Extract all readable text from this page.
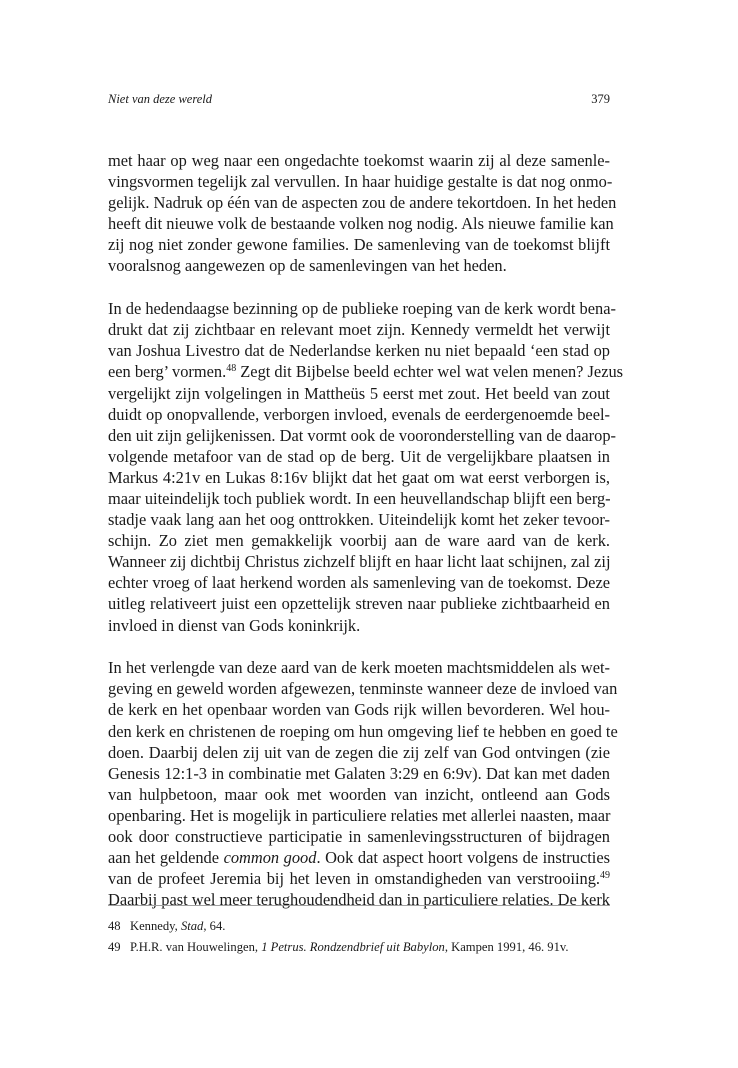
Niet van deze wereld	379
met haar op weg naar een ongedachte toekomst waarin zij al deze samenle-
vingsvormen tegelijk zal vervullen. In haar huidige gestalte is dat nog onmo-
gelijk. Nadruk op één van de aspecten zou de andere tekortdoen. In het heden
heeft dit nieuwe volk de bestaande volken nog nodig. Als nieuwe familie kan
zij nog niet zonder gewone families. De samenleving van de toekomst blijft
vooralsnog aangewezen op de samenlevingen van het heden.
In de hedendaagse bezinning op de publieke roeping van de kerk wordt bena-
drukt dat zij zichtbaar en relevant moet zijn. Kennedy vermeldt het verwijt
van Joshua Livestro dat de Nederlandse kerken nu niet bepaald ‘een stad op
een berg’ vormen.$^{48}$ Zegt dit Bijbelse beeld echter wel wat velen menen? Jezus
vergelijkt zijn volgelingen in Mattheüs 5 eerst met zout. Het beeld van zout
duidt op onopvallende, verborgen invloed, evenals de eerdergenoemde beel-
den uit zijn gelijkenissen. Dat vormt ook de vooronderstelling van de daarop-
volgende metafoor van de stad op de berg. Uit de vergelijkbare plaatsen in
Markus 4:21v en Lukas 8:16v blijkt dat het gaat om wat eerst verborgen is,
maar uiteindelijk toch publiek wordt. In een heuvellandschap blijft een berg-
stadje vaak lang aan het oog onttrokken. Uiteindelijk komt het zeker tevoor-
schijn. Zo ziet men gemakkelijk voorbij aan de ware aard van de kerk.
Wanneer zij dichtbij Christus zichzelf blijft en haar licht laat schijnen, zal zij
echter vroeg of laat herkend worden als samenleving van de toekomst. Deze
uitleg relativeert juist een opzettelijk streven naar publieke zichtbaarheid en
invloed in dienst van Gods koninkrijk.
In het verlengde van deze aard van de kerk moeten machtsmiddelen als wet-
geving en geweld worden afgewezen, tenminste wanneer deze de invloed van
de kerk en het openbaar worden van Gods rijk willen bevorderen. Wel hou-
den kerk en christenen de roeping om hun omgeving lief te hebben en goed te
doen. Daarbij delen zij uit van de zegen die zij zelf van God ontvingen (zie
Genesis 12:1-3 in combinatie met Galaten 3:29 en 6:9v). Dat kan met daden
van hulpbetoon, maar ook met woorden van inzicht, ontleend aan Gods
openbaring. Het is mogelijk in particuliere relaties met allerlei naasten, maar
ook door constructieve participatie in samenlevingsstructuren of bijdragen
aan het geldende common good. Ook dat aspect hoort volgens de instructies
van de profeet Jeremia bij het leven in omstandigheden van verstrooiing.$^{49}$
Daarbij past wel meer terughoudendheid dan in particuliere relaties. De kerk
48 Kennedy, Stad, 64.
49 P.H.R. van Houwelingen, 1 Petrus. Rondzendbrief uit Babylon, Kampen 1991, 46. 91v.
